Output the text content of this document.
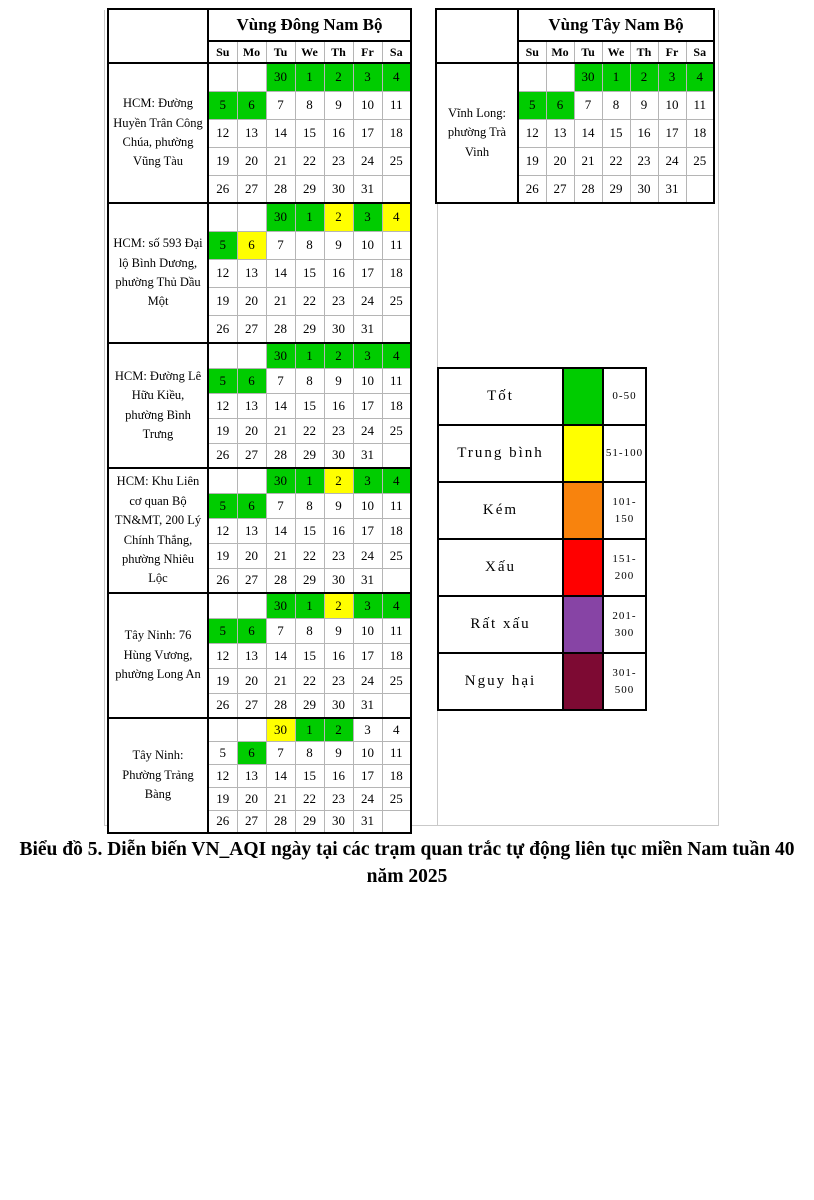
	Vùng Đông Nam Bộ						
	Su	Mo	Tu	We	Th	Fr	Sa
HCM: Đường Huyền Trân Công Chúa, phường Vũng Tàu			30	1	2	3	4
	5	6	7	8	9	10	11
	12	13	14	15	16	17	18
	19	20	21	22	23	24	25
	26	27	28	29	30	31	
HCM: số 593 Đại lộ Bình Dương, phường Thủ Dầu Một			30	1	2	3	4
	5	6	7	8	9	10	11
	12	13	14	15	16	17	18
	19	20	21	22	23	24	25
	26	27	28	29	30	31	
HCM: Đường Lê Hữu Kiều, phường Bình Trưng			30	1	2	3	4
	5	6	7	8	9	10	11
	12	13	14	15	16	17	18
	19	20	21	22	23	24	25
	26	27	28	29	30	31	
HCM: Khu Liên cơ quan Bộ TN&MT, 200 Lý Chính Thắng, phường Nhiêu Lộc			30	1	2	3	4
	5	6	7	8	9	10	11
	12	13	14	15	16	17	18
	19	20	21	22	23	24	25
	26	27	28	29	30	31	
Tây Ninh: 76 Hùng Vương, phường Long An			30	1	2	3	4
	5	6	7	8	9	10	11
	12	13	14	15	16	17	18
	19	20	21	22	23	24	25
	26	27	28	29	30	31	
Tây Ninh: Phường Trảng Bàng			30	1	2	3	4
	5	6	7	8	9	10	11
	12	13	14	15	16	17	18
	19	20	21	22	23	24	25
	26	27	28	29	30	31	
	Vùng Tây Nam Bộ						
	Su	Mo	Tu	We	Th	Fr	Sa
Vĩnh Long: phường Trà Vinh			30	1	2	3	4
	5	6	7	8	9	10	11
	12	13	14	15	16	17	18
	19	20	21	22	23	24	25
	26	27	28	29	30	31	
Tốt		0-50
Trung bình		51-100
Kém		101-150
Xấu		151-200
Rất xấu		201-300
Nguy hại		301-500
Biểu đồ 5. Diễn biến VN_AQI ngày tại các trạm quan trắc tự động liên tục miền Nam tuần 40 năm 2025
